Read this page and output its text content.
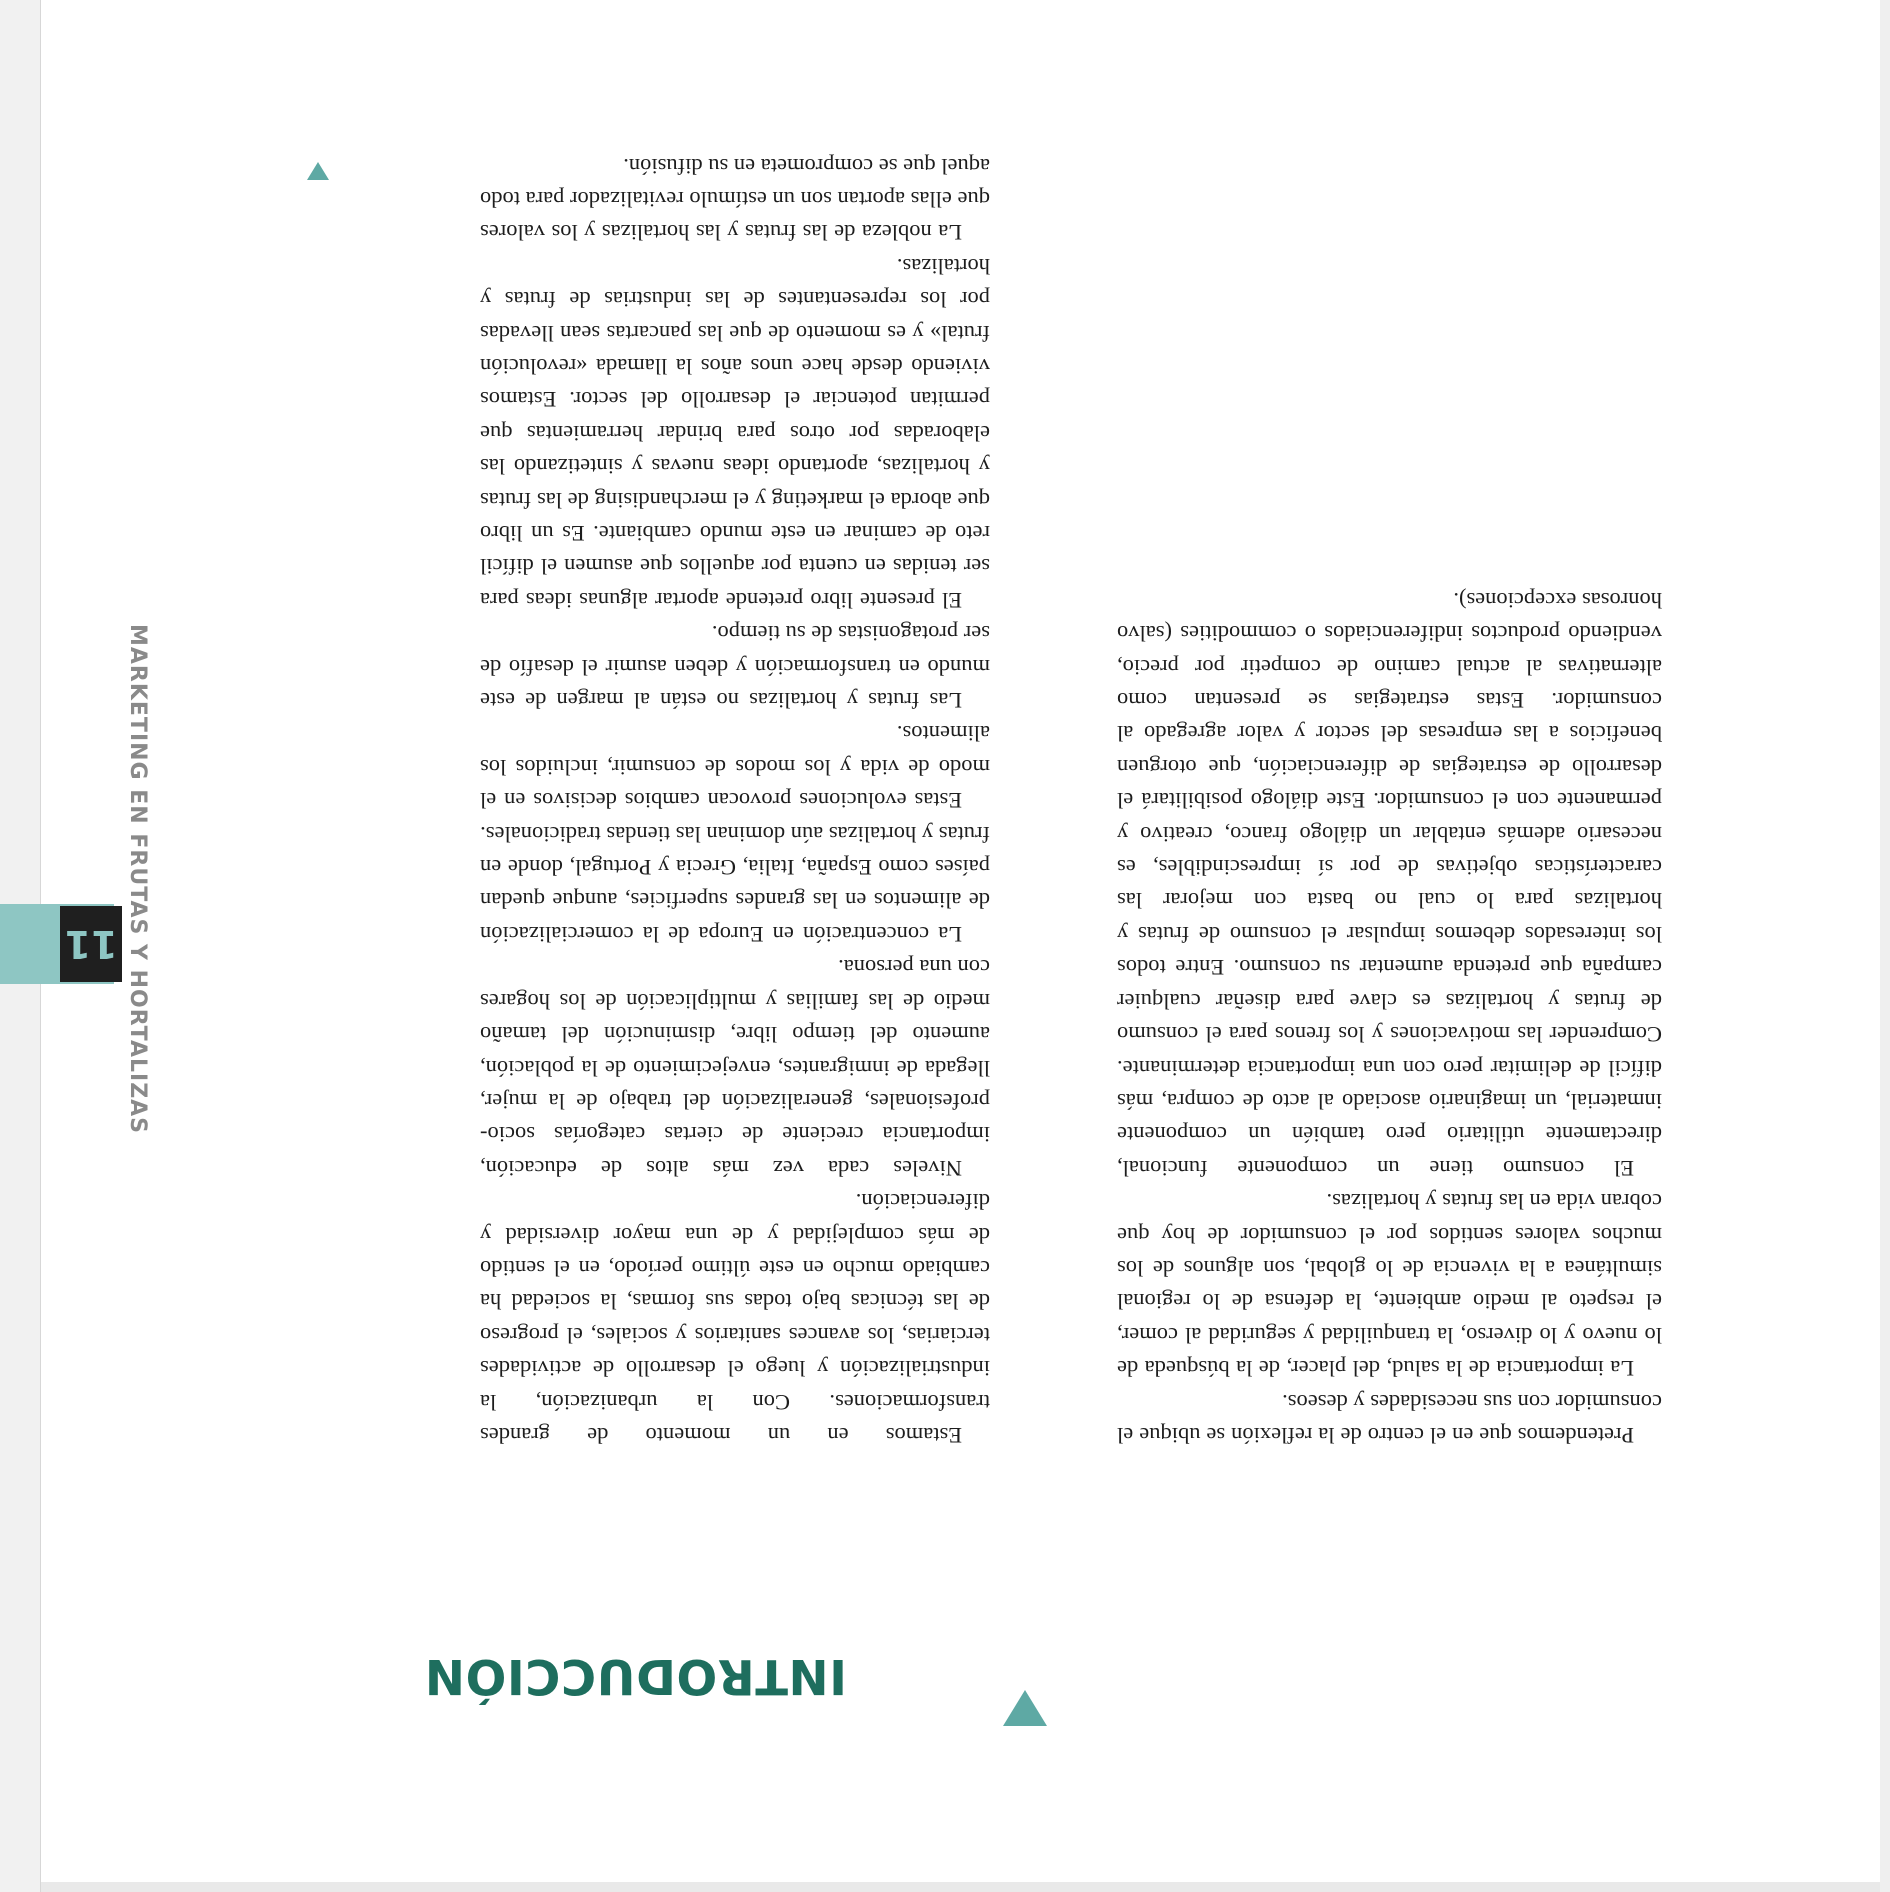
INTRODUCCIÓN

Pretendemos que en el centro de la reflexión se ubique el consumidor con sus necesidades y deseos.

La importancia de la salud, del placer, de la búsqueda de lo nuevo y lo diverso, la tranquilidad y seguridad al comer, el respeto al medio ambiente, la defensa de lo regional simultánea a la vivencia de lo global, son algunos de los muchos valores sentidos por el consumidor de hoy que cobran vida en las frutas y hortalizas.

El consumo tiene un componente funcional, directamente utilitario pero también un componente inmaterial, un imaginario asociado al acto de compra, más difícil de delimitar pero con una importancia determinante. Comprender las motivaciones y los frenos para el consumo de frutas y hortalizas es clave para diseñar cualquier campaña que pretenda aumentar su consumo. Entre todos los interesados debemos impulsar el consumo de frutas y hortalizas para lo cual no basta con mejorar las características objetivas de por sí imprescindibles, es necesario además entablar un diálogo franco, creativo y permanente con el consumidor. Este diálogo posibilitará el desarrollo de estrategias de diferenciación, que otorguen beneficios a las empresas del sector y valor agregado al consumidor. Estas estrategias se presentan como alternativas al actual camino de competir por precio, vendiendo productos indiferenciados o commodities (salvo honrosas excepciones).

Estamos en un momento de grandes transformaciones. Con la urbanización, la industrialización y luego el desarrollo de actividades terciarias, los avances sanitarios y sociales, el progreso de las técnicas bajo todas sus formas, la sociedad ha cambiado mucho en este último período, en el sentido de más complejidad y de una mayor diversidad y diferenciación.

Niveles cada vez más altos de educación, importancia creciente de ciertas categorías socio-profesionales, generalización del trabajo de la mujer, llegada de inmigrantes, envejecimiento de la población, aumento del tiempo libre, disminución del tamaño medio de las familias y multiplicación de los hogares con una persona.

La concentración en Europa de la comercialización de alimentos en las grandes superficies, aunque quedan países como España, Italia, Grecia y Portugal, donde en frutas y hortalizas aún dominan las tiendas tradicionales.

Estas evoluciones provocan cambios decisivos en el modo de vida y los modos de consumir, incluidos los alimentos.

Las frutas y hortalizas no están al margen de este mundo en transformación y deben asumir el desafío de ser protagonistas de su tiempo.

El presente libro pretende aportar algunas ideas para ser tenidas en cuenta por aquellos que asumen el difícil reto de caminar en este mundo cambiante. Es un libro que aborda el marketing y el merchandising de las frutas y hortalizas, aportando ideas nuevas y sintetizando las elaboradas por otros para brindar herramientas que permitan potenciar el desarrollo del sector. Estamos viviendo desde hace unos años la llamada «revolución frutal» y es momento de que las pancartas sean llevadas por los representantes de las industrias de frutas y hortalizas.

La nobleza de las frutas y las hortalizas y los valores que ellas aportan son un estímulo revitalizador para todo aquel que se comprometa en su difusión.

11 MARKETING EN FRUTAS Y HORTALIZAS
